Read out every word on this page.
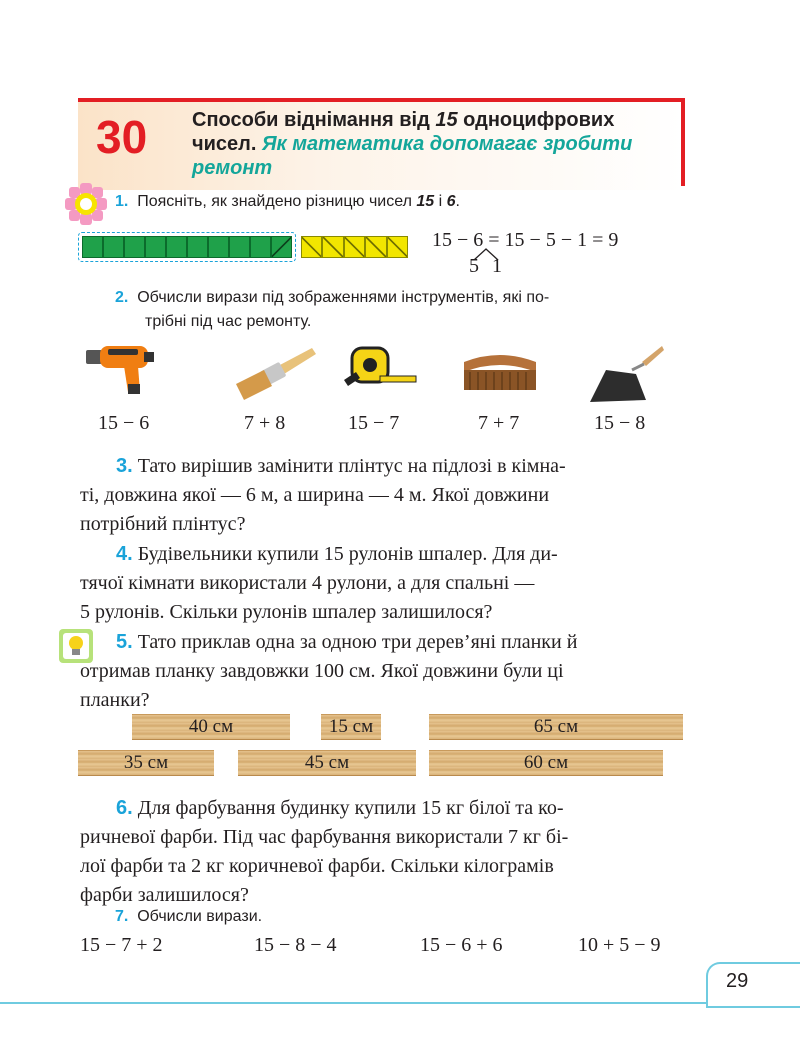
30 Способи віднімання від 15 одноцифрових
чисел. Як математика допомагає зробити
ремонт
1. Поясніть, як знайдено різницю чисел 15 і 6.
15 − 6 = 15 − 5 − 1 = 9
5 1
2. Обчисли вирази під зображеннями інструментів, які по-
трібні під час ремонту.
15 − 6	7 + 8	15 − 7	7 + 7	15 − 8
3. Тато вирішив замінити плінтус на підлозі в кімна-
ті, довжина якої — 6 м, а ширина — 4 м. Якої довжини
потрібний плінтус?
4. Будівельники купили 15 рулонів шпалер. Для ди-
тячої кімнати використали 4 рулони, а для спальні —
5 рулонів. Скільки рулонів шпалер залишилося?
5. Тато приклав одна за одною три дерев’яні планки й
отримав планку завдовжки 100 см. Якої довжини були ці
планки?
40 см	15 см	65 см
35 см	45 см	60 см
6. Для фарбування будинку купили 15 кг білої та ко-
ричневої фарби. Під час фарбування використали 7 кг бі-
лої фарби та 2 кг коричневої фарби. Скільки кілограмів
фарби залишилося?
7. Обчисли вирази.
15 − 7 + 2	15 − 8 − 4	15 − 6 + 6	10 + 5 − 9
29
